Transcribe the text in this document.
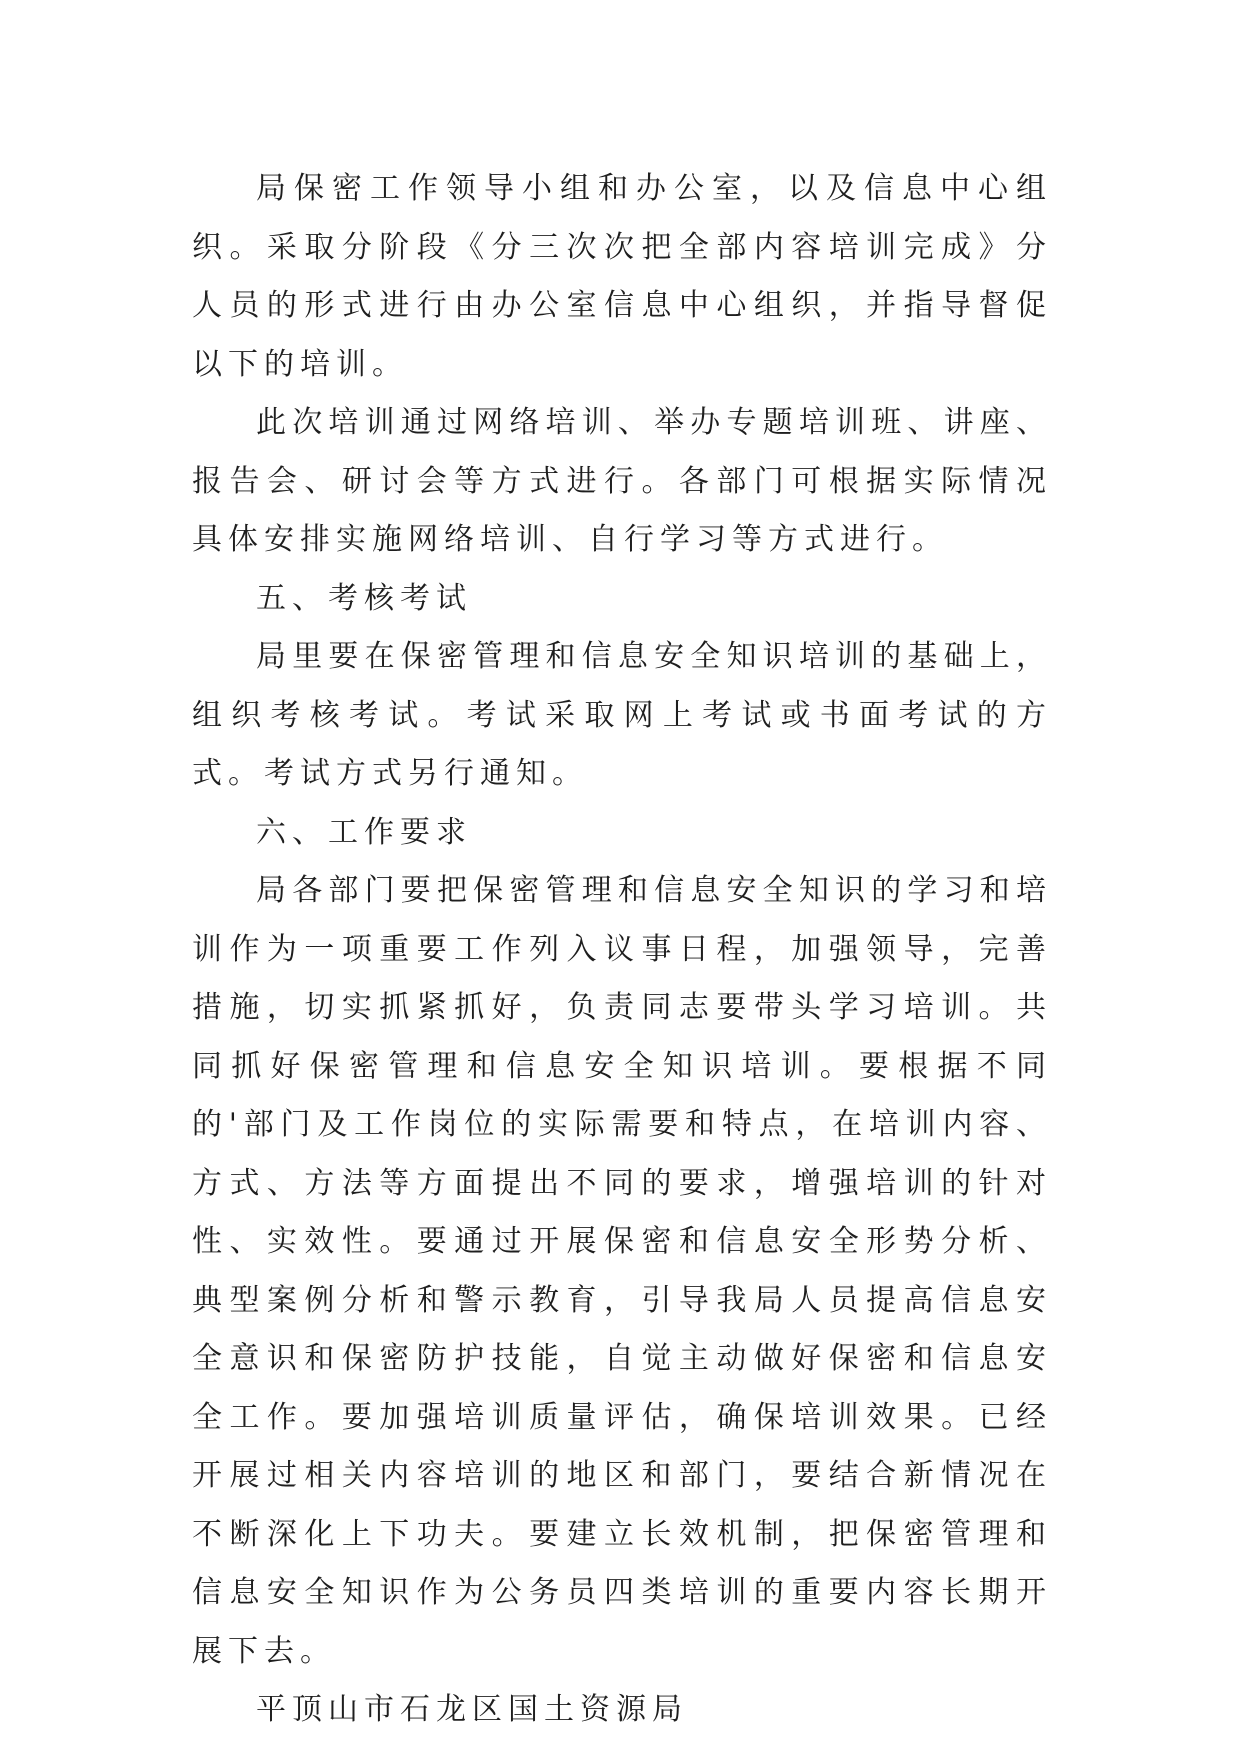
局保密工作领导小组和办公室，以及信息中心组织。采取分阶段《分三次次把全部内容培训完成》分人员的形式进行由办公室信息中心组织，并指导督促以下的培训。

此次培训通过网络培训、举办专题培训班、讲座、报告会、研讨会等方式进行。各部门可根据实际情况具体安排实施网络培训、自行学习等方式进行。

五、考核考试

局里要在保密管理和信息安全知识培训的基础上，组织考核考试。考试采取网上考试或书面考试的方式。考试方式另行通知。

六、工作要求

局各部门要把保密管理和信息安全知识的学习和培训作为一项重要工作列入议事日程，加强领导，完善措施，切实抓紧抓好，负责同志要带头学习培训。共同抓好保密管理和信息安全知识培训。要根据不同的'部门及工作岗位的实际需要和特点，在培训内容、方式、方法等方面提出不同的要求，增强培训的针对性、实效性。要通过开展保密和信息安全形势分析、典型案例分析和警示教育，引导我局人员提高信息安全意识和保密防护技能，自觉主动做好保密和信息安全工作。要加强培训质量评估，确保培训效果。已经开展过相关内容培训的地区和部门，要结合新情况在不断深化上下功夫。要建立长效机制，把保密管理和信息安全知识作为公务员四类培训的重要内容长期开展下去。

平顶山市石龙区国土资源局
